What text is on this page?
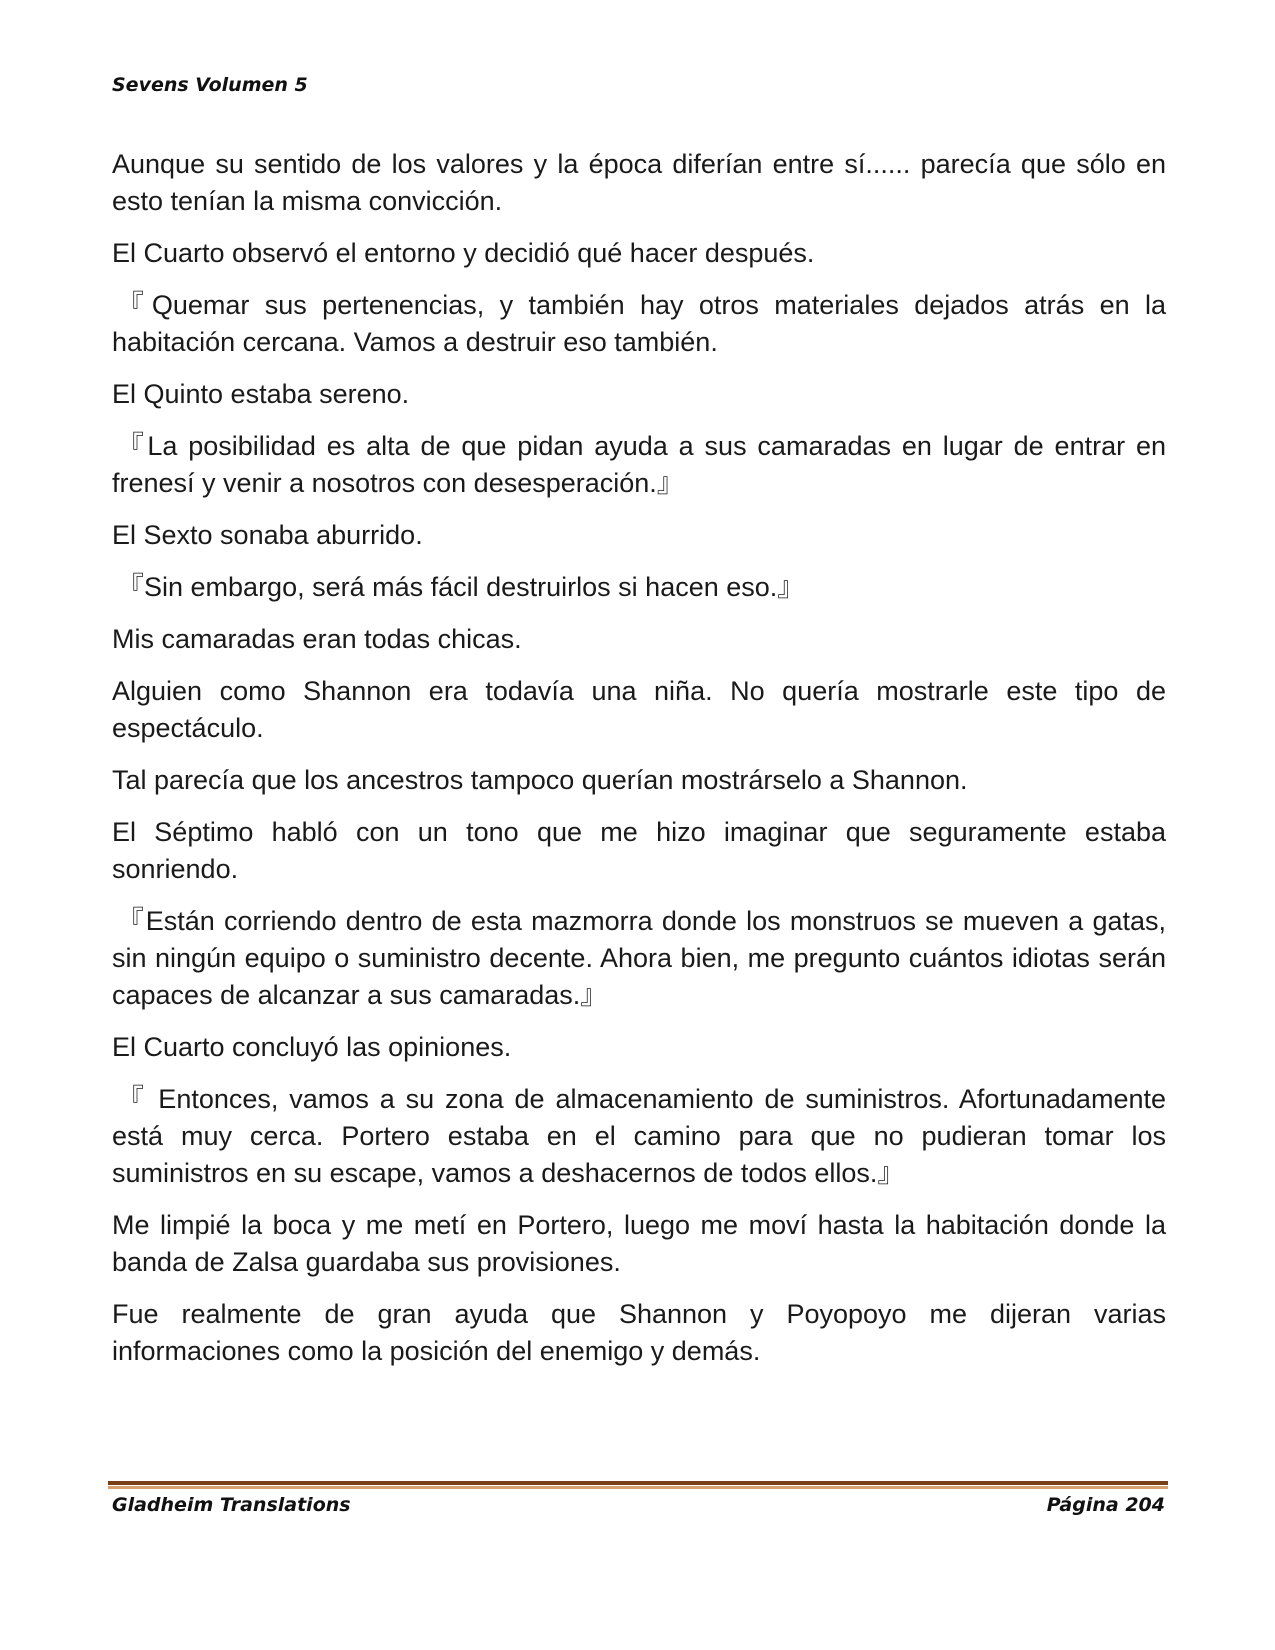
Sevens Volumen 5

Aunque su sentido de los valores y la época diferían entre sí...... parecía que sólo en esto tenían la misma convicción.

El Cuarto observó el entorno y decidió qué hacer después.

『Quemar sus pertenencias, y también hay otros materiales dejados atrás en la habitación cercana. Vamos a destruir eso también.

El Quinto estaba sereno.

『La posibilidad es alta de que pidan ayuda a sus camaradas en lugar de entrar en frenesí y venir a nosotros con desesperación.』

El Sexto sonaba aburrido.

『Sin embargo, será más fácil destruirlos si hacen eso.』

Mis camaradas eran todas chicas.

Alguien como Shannon era todavía una niña. No quería mostrarle este tipo de espectáculo.

Tal parecía que los ancestros tampoco querían mostrárselo a Shannon.

El Séptimo habló con un tono que me hizo imaginar que seguramente estaba sonriendo.

『Están corriendo dentro de esta mazmorra donde los monstruos se mueven a gatas, sin ningún equipo o suministro decente. Ahora bien, me pregunto cuántos idiotas serán capaces de alcanzar a sus camaradas.』

El Cuarto concluyó las opiniones.

『 Entonces, vamos a su zona de almacenamiento de suministros. Afortunadamente está muy cerca. Portero estaba en el camino para que no pudieran tomar los suministros en su escape, vamos a deshacernos de todos ellos.』

Me limpié la boca y me metí en Portero, luego me moví hasta la habitación donde la banda de Zalsa guardaba sus provisiones.

Fue realmente de gran ayuda que Shannon y Poyopoyo me dijeran varias informaciones como la posición del enemigo y demás.

Gladheim Translations	Página 204
